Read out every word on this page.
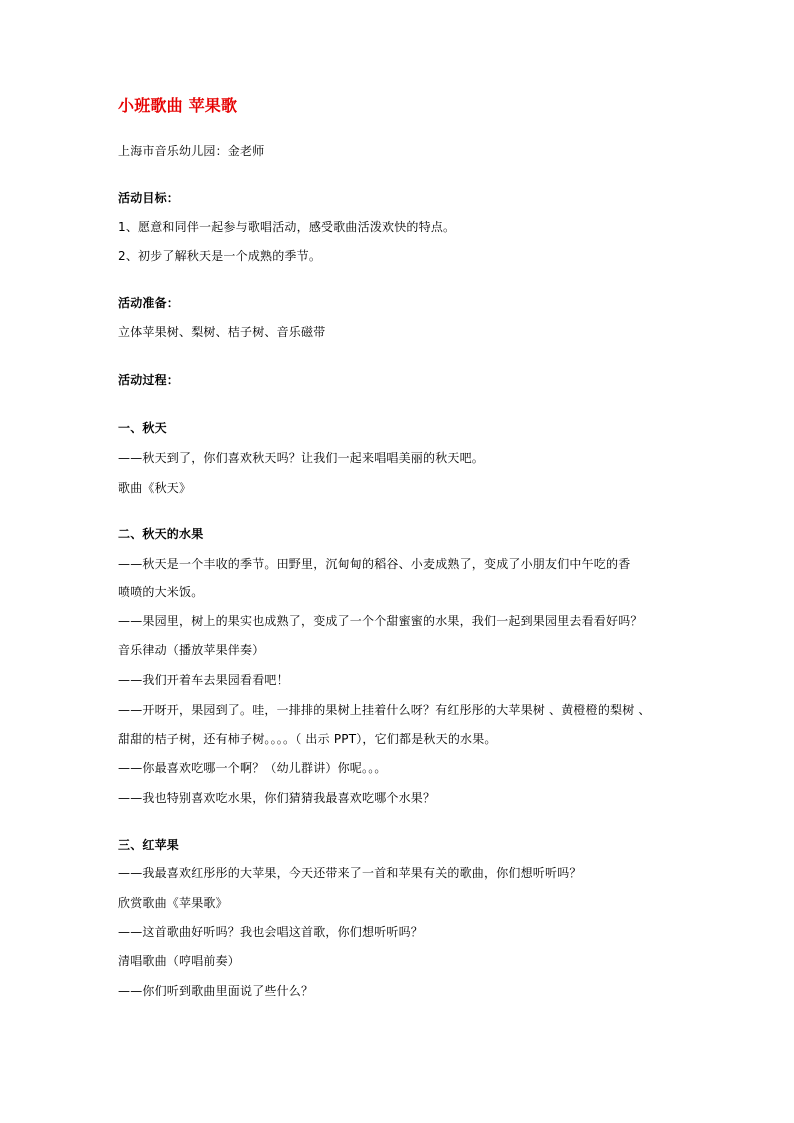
小班歌曲 苹果歌
上海市音乐幼儿园：金老师
活动目标：
1、愿意和同伴一起参与歌唱活动，感受歌曲活泼欢快的特点。
2、初步了解秋天是一个成熟的季节。
活动准备：
立体苹果树、梨树、桔子树、音乐磁带
活动过程：
一、秋天
——秋天到了，你们喜欢秋天吗？让我们一起来唱唱美丽的秋天吧。
歌曲《秋天》
二、秋天的水果
——秋天是一个丰收的季节。田野里，沉甸甸的稻谷、小麦成熟了，变成了小朋友们中午吃的香
喷喷的大米饭。
——果园里，树上的果实也成熟了，变成了一个个甜蜜蜜的水果，我们一起到果园里去看看好吗？
音乐律动（播放苹果伴奏）
——我们开着车去果园看看吧！
——开呀开，果园到了。哇，一排排的果树上挂着什么呀？有红彤彤的大苹果树 、黄橙橙的梨树 、
甜甜的桔子树，还有柿子树。。。。（ 出示 PPT），它们都是秋天的水果。
——你最喜欢吃哪一个啊？（幼儿群讲）你呢。。。
——我也特别喜欢吃水果，你们猜猜我最喜欢吃哪个水果？
三、红苹果
——我最喜欢红彤彤的大苹果，今天还带来了一首和苹果有关的歌曲，你们想听听吗？
欣赏歌曲《苹果歌》
——这首歌曲好听吗？我也会唱这首歌，你们想听听吗？
清唱歌曲（哼唱前奏）
——你们听到歌曲里面说了些什么？
